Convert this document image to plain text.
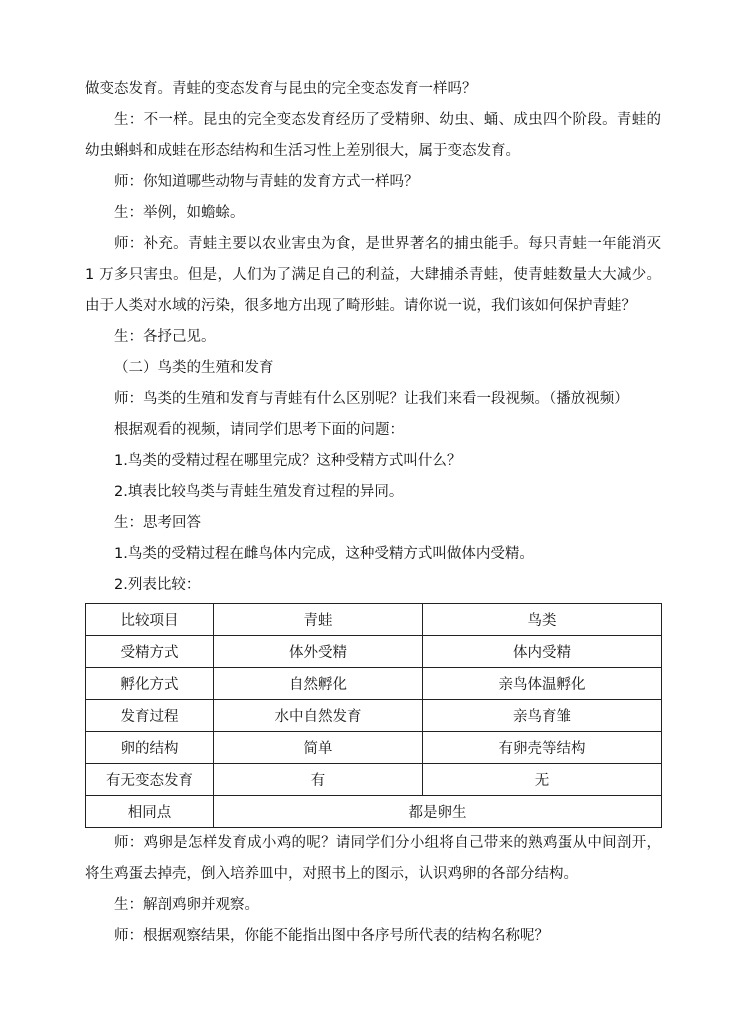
做变态发育。青蛙的变态发育与昆虫的完全变态发育一样吗？

生：不一样。昆虫的完全变态发育经历了受精卵、幼虫、蛹、成虫四个阶段。青蛙的幼虫蝌蚪和成蛙在形态结构和生活习性上差别很大，属于变态发育。

师：你知道哪些动物与青蛙的发育方式一样吗？

生：举例，如蟾蜍。

师：补充。青蛙主要以农业害虫为食，是世界著名的捕虫能手。每只青蛙一年能消灭 1 万多只害虫。但是，人们为了满足自己的利益，大肆捕杀青蛙，使青蛙数量大大减少。由于人类对水域的污染，很多地方出现了畸形蛙。请你说一说，我们该如何保护青蛙？

生：各抒己见。

（二）鸟类的生殖和发育

师：鸟类的生殖和发育与青蛙有什么区别呢？让我们来看一段视频。（播放视频）

根据观看的视频，请同学们思考下面的问题：

1.鸟类的受精过程在哪里完成？这种受精方式叫什么？

2.填表比较鸟类与青蛙生殖发育过程的异同。

生：思考回答

1.鸟类的受精过程在雌鸟体内完成，这种受精方式叫做体内受精。

2.列表比较：

比较项目	青蛙	鸟类
受精方式	体外受精	体内受精
孵化方式	自然孵化	亲鸟体温孵化
发育过程	水中自然发育	亲鸟育雏
卵的结构	简单	有卵壳等结构
有无变态发育	有	无
相同点	都是卵生	

师：鸡卵是怎样发育成小鸡的呢？请同学们分小组将自己带来的熟鸡蛋从中间剖开，将生鸡蛋去掉壳，倒入培养皿中，对照书上的图示，认识鸡卵的各部分结构。

生：解剖鸡卵并观察。

师：根据观察结果，你能不能指出图中各序号所代表的结构名称呢？
